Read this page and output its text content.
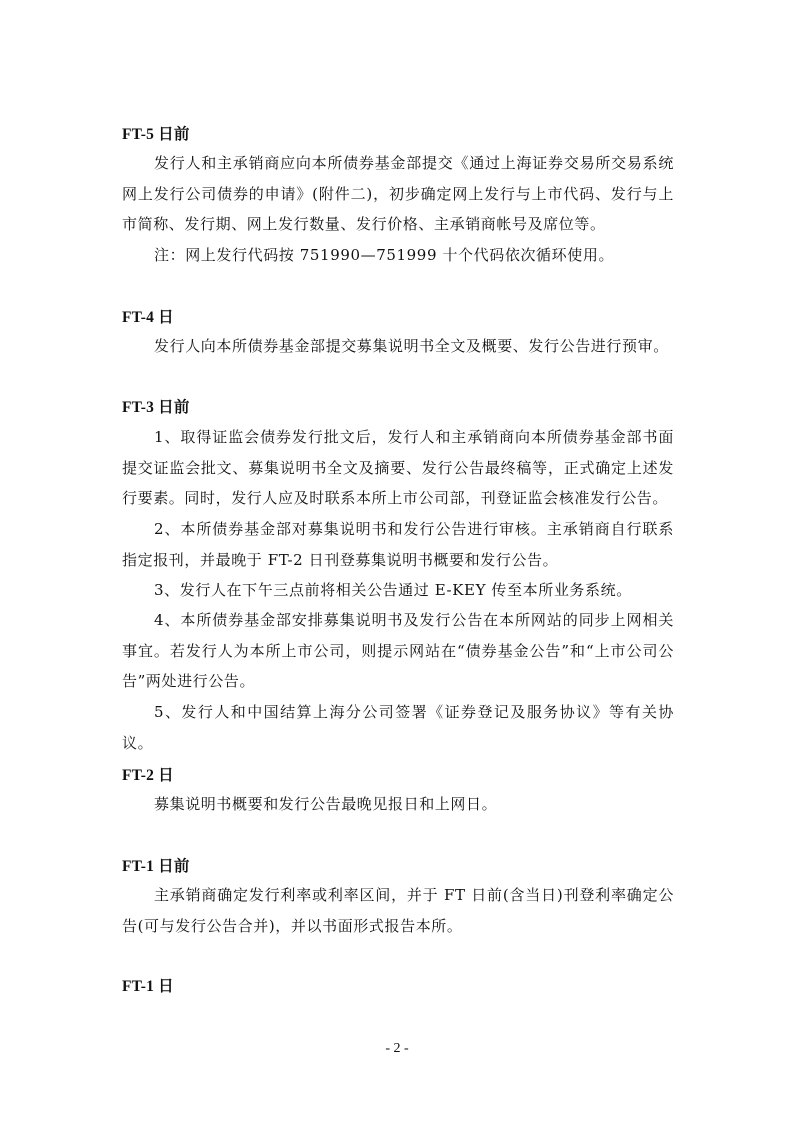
FT-5 日前
发行人和主承销商应向本所债券基金部提交《通过上海证券交易所交易系统网上发行公司债券的申请》(附件二)，初步确定网上发行与上市代码、发行与上市简称、发行期、网上发行数量、发行价格、主承销商帐号及席位等。
注：网上发行代码按 751990—751999 十个代码依次循环使用。
FT-4 日
发行人向本所债券基金部提交募集说明书全文及概要、发行公告进行预审。
FT-3 日前
1、取得证监会债券发行批文后，发行人和主承销商向本所债券基金部书面提交证监会批文、募集说明书全文及摘要、发行公告最终稿等，正式确定上述发行要素。同时，发行人应及时联系本所上市公司部，刊登证监会核准发行公告。
2、本所债券基金部对募集说明书和发行公告进行审核。主承销商自行联系指定报刊，并最晚于 FT-2 日刊登募集说明书概要和发行公告。
3、发行人在下午三点前将相关公告通过 E-KEY 传至本所业务系统。
4、本所债券基金部安排募集说明书及发行公告在本所网站的同步上网相关事宜。若发行人为本所上市公司，则提示网站在“债券基金公告”和“上市公司公告”两处进行公告。
5、发行人和中国结算上海分公司签署《证券登记及服务协议》等有关协议。
FT-2 日
募集说明书概要和发行公告最晚见报日和上网日。
FT-1 日前
主承销商确定发行利率或利率区间，并于 FT 日前(含当日)刊登利率确定公告(可与发行公告合并)，并以书面形式报告本所。
FT-1 日
- 2 -
